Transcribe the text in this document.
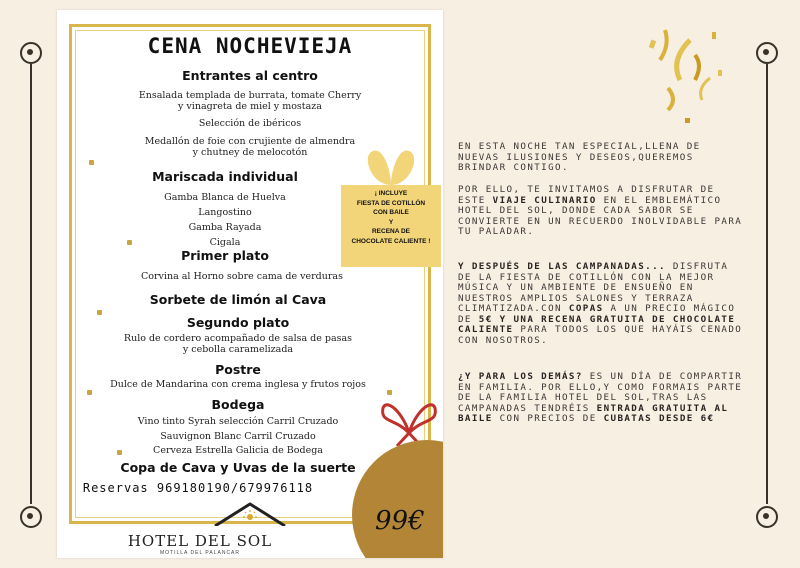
CENA NOCHEVIEJA
Entrantes al centro
Ensalada templada de burrata, tomate Cherry
y vinagreta de miel y mostaza
Selección de ibéricos
Medallón de foie con crujiente de almendra
y chutney de melocotón
Mariscada individual
Gamba Blanca de Huelva
Langostino
Gamba Rayada
Cigala
Primer plato
Corvina al Horno sobre cama de verduras
Sorbete de limón al Cava
Segundo plato
Rulo de cordero acompañado de salsa de pasas
y cebolla caramelizada
Postre
Dulce de Mandarina con crema inglesa y frutos rojos
Bodega
Vino tinto Syrah selección Carril Cruzado
Sauvignon Blanc Carril Cruzado
Cerveza Estrella Galicia de Bodega
Copa de Cava y Uvas de la suerte
Reservas 969180190/679976118
¡ INCLUYE
FIESTA DE COTILLÓN
CON BAILE
Y
RECENA DE
CHOCOLATE CALIENTE !
99€
HOTEL DEL SOL
MOTILLA DEL PALANCAR
EN ESTA NOCHE TAN ESPECIAL,LLENA DE NUEVAS ILUSIONES Y DESEOS,QUEREMOS BRINDAR CONTIGO.
POR ELLO, TE INVITAMOS A DISFRUTAR DE ESTE VIAJE CULINARIO EN EL EMBLEMÁTICO HOTEL DEL SOL, DONDE CADA SABOR SE CONVIERTE EN UN RECUERDO INOLVIDABLE PARA TU PALADAR.
Y DESPUÉS DE LAS CAMPANADAS... DISFRUTA DE LA FIESTA DE COTILLÓN CON LA MEJOR MÚSICA Y UN AMBIENTE DE ENSUEÑO EN NUESTROS AMPLIOS SALONES Y TERRAZA CLIMATIZADA.CON COPAS A UN PRECIO MÁGICO DE 5€ Y UNA RECENA GRATUITA DE CHOCOLATE CALIENTE PARA TODOS LOS QUE HAYÁIS CENADO CON NOSOTROS.
¿Y PARA LOS DEMÁS? ES UN DÍA DE COMPARTIR EN FAMILIA. POR ELLO,Y COMO FORMAIS PARTE DE LA FAMILIA HOTEL DEL SOL,TRAS LAS CAMPANADAS TENDRÉIS ENTRADA GRATUITA AL BAILE CON PRECIOS DE CUBATAS DESDE 6€
